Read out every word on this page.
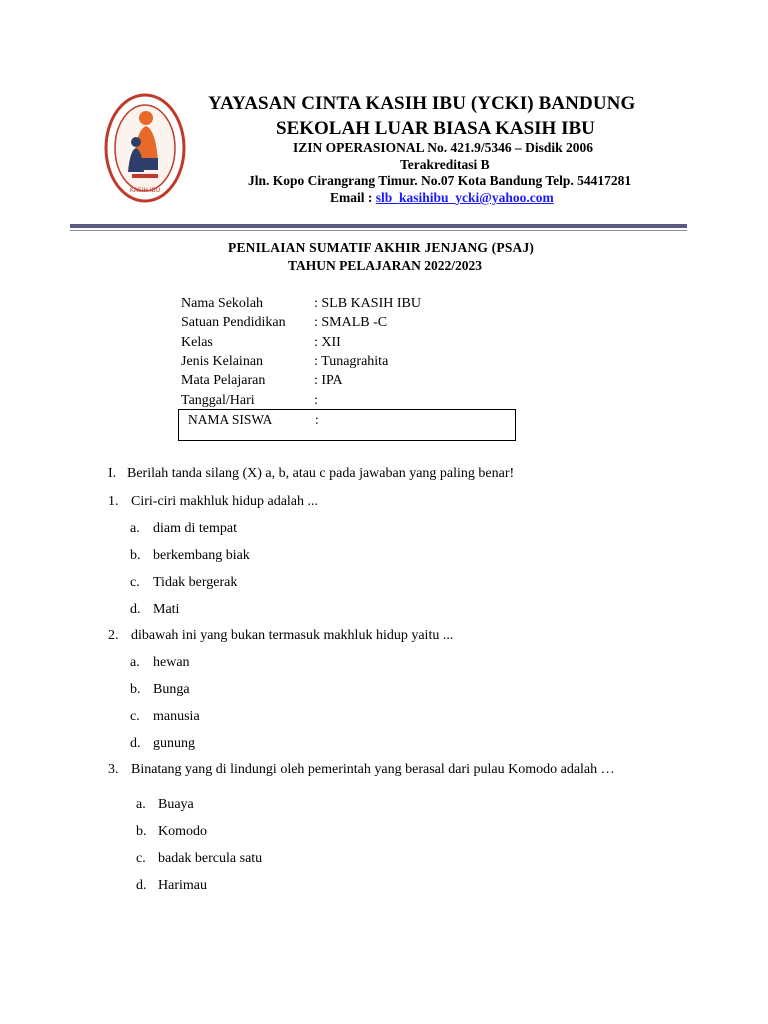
KASIH IBU
YAYASAN CINTA KASIH IBU (YCKI) BANDUNG
SEKOLAH LUAR BIASA KASIH IBU
IZIN OPERASIONAL No. 421.9/5346 – Disdik 2006
Terakreditasi B
Jln. Kopo Cirangrang Timur. No.07 Kota Bandung Telp. 54417281
Email : slb_kasihibu_ycki@yahoo.com
PENILAIAN SUMATIF AKHIR JENJANG (PSAJ)
TAHUN PELAJARAN 2022/2023
Nama Sekolah	: SLB KASIH IBU
Satuan Pendidikan : SMALB -C
Kelas	: XII
Jenis Kelainan	: Tunagrahita
Mata Pelajaran	: IPA
Tanggal/Hari	:
NAMA SISWA	:
I. Berilah tanda silang (X) a, b, atau c pada jawaban yang paling benar!
1. Ciri-ciri makhluk hidup adalah ...
a. diam di tempat
b. berkembang biak
c. Tidak bergerak
d. Mati
2. dibawah ini yang bukan termasuk makhluk hidup yaitu ...
a. hewan
b. Bunga
c. manusia
d. gunung
3. Binatang yang di lindungi oleh pemerintah yang berasal dari pulau Komodo adalah …
a. Buaya
b. Komodo
c. badak bercula satu
d. Harimau
